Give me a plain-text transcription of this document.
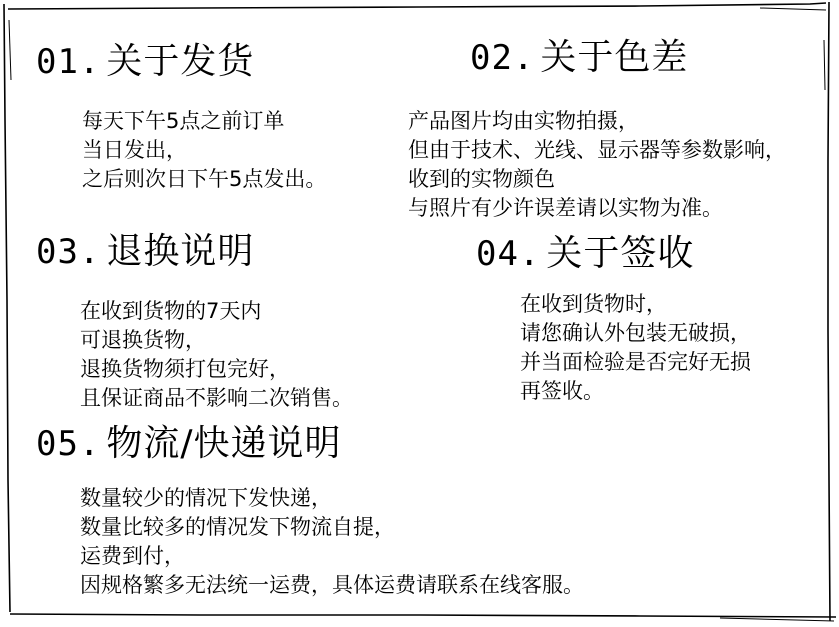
01. 关于发货
每天下午5点之前订单
当日发出，
之后则次日下午5点发出。
02. 关于色差
产品图片均由实物拍摄，
但由于技术、光线、显示器等参数影响，
收到的实物颜色
与照片有少许误差请以实物为准。
03. 退换说明
在收到货物的7天内
可退换货物，
退换货物须打包完好，
且保证商品不影响二次销售。
04. 关于签收
在收到货物时，
请您确认外包装无破损，
并当面检验是否完好无损
再签收。
05. 物流/快递说明
数量较少的情况下发快递，
数量比较多的情况发下物流自提，
运费到付，
因规格繁多无法统一运费，具体运费请联系在线客服。
